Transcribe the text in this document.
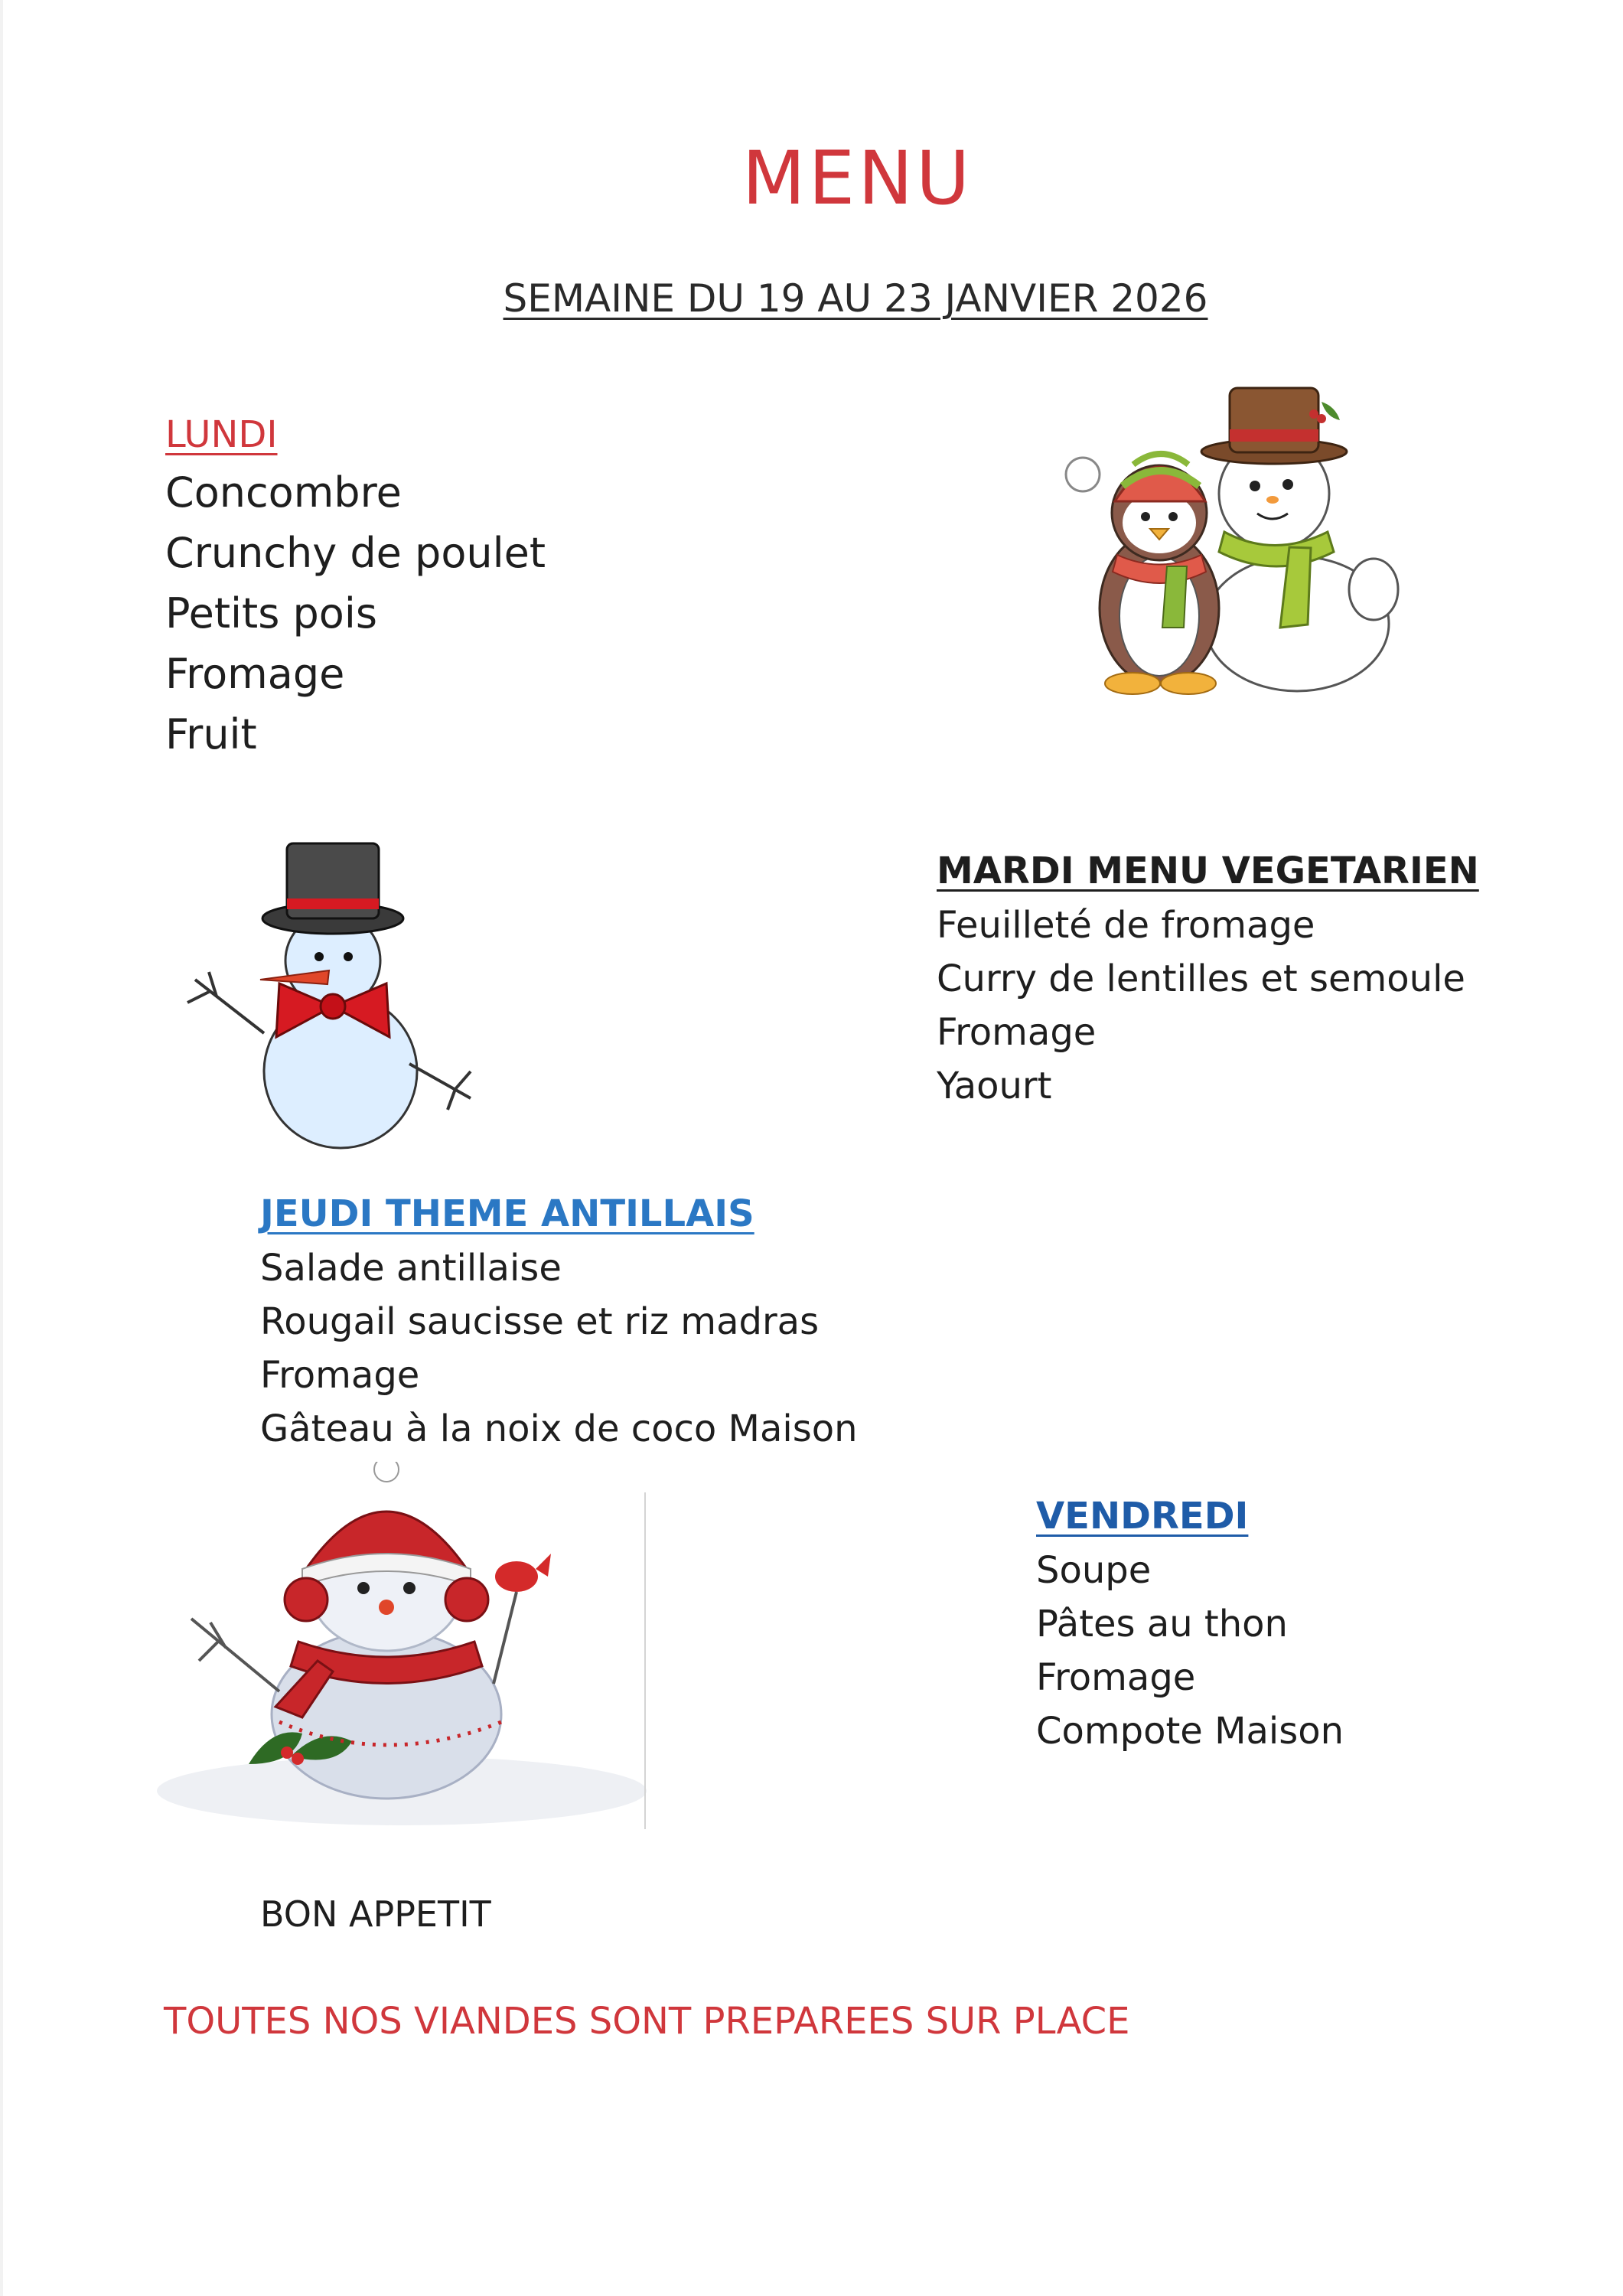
MENU
SEMAINE DU 19 AU 23 JANVIER 2026
LUNDI
Concombre
Crunchy de poulet
Petits pois
Fromage
Fruit
MARDI MENU VEGETARIEN
Feuilleté de fromage
Curry de lentilles et semoule
Fromage
Yaourt
JEUDI THEME ANTILLAIS
Salade antillaise
Rougail saucisse et riz madras
Fromage
Gâteau à la noix de coco Maison
VENDREDI
Soupe
Pâtes au thon
Fromage
Compote Maison
BON APPETIT
TOUTES NOS VIANDES SONT PREPAREES SUR PLACE
